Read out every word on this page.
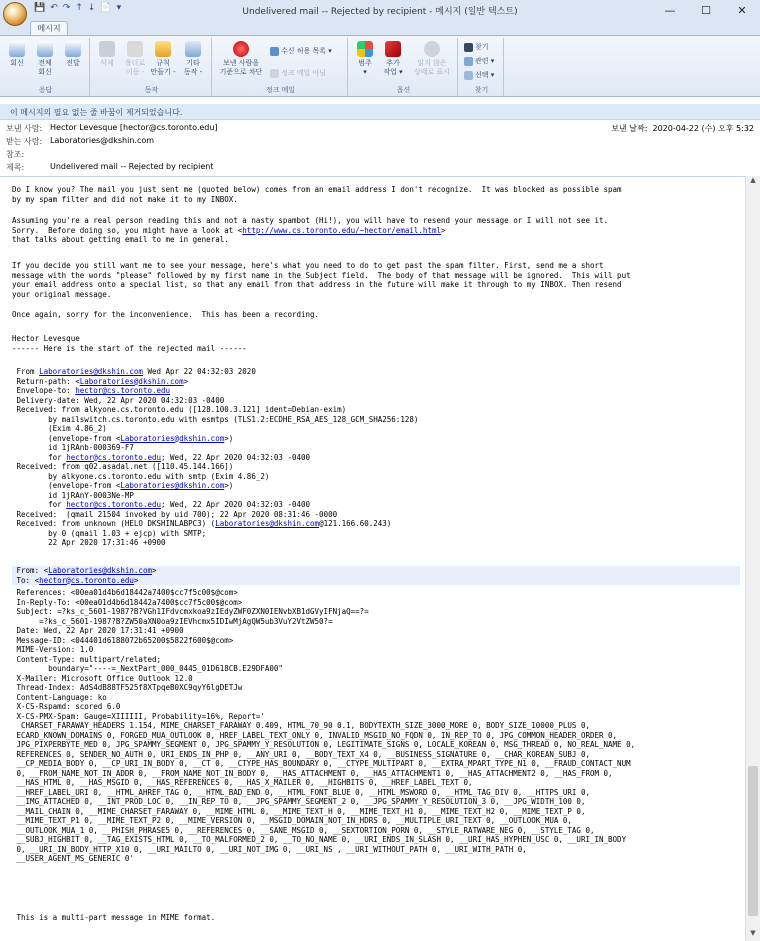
💾 ↶ ↷ ↑ ↓ 📄 ▾	Undelivered mail -- Rejected by recipient - 메시지 (일반 텍스트)	—	☐	✕
메시지
회신 전체
회신
전달
응답
삭제 폴더로
이동 -
규칙
만들기 -
기타
동작 -
동작
보낸 사람을
기준으로 차단
수신 허용 목록 ▾
정크 메일 아님
정크 메일
범주
▾
추가
작업 ▾
읽지 않은
상태로 표시
옵션
찾기
관련 ▾
선택 ▾
찾기
이 메시지의 필요 없는 줄 바꿈이 제거되었습니다.
보낸 사람: Hector Levesque [hector@cs.toronto.edu]
받는 사람: Laboratories@dkshin.com
참조:
제목:	Undelivered mail -- Rejected by recipient
보낸 날짜: 2020-04-22 (수) 오후 5:32
Do I know you? The mail you just sent me (quoted below) comes from an email address I don't recognize.  It was blocked as possible spam
by my spam filter and did not make it to my INBOX.
Assuming you're a real person reading this and not a nasty spambot (Hi!), you will have to resend your message or I will not see it.
Sorry.  Before doing so, you might have a look at <http://www.cs.toronto.edu/~hector/email.html>
that talks about getting email to me in general.
If you decide you still want me to see your message, here's what you need to do to get past the spam filter. First, send me a short
message with the words "please" followed by my first name in the Subject field.  The body of that message will be ignored.  This will put
your email address onto a special list, so that any email from that address in the future will make it through to my INBOX. Then resend
your original message.
Once again, sorry for the inconvenience.  This has been a recording.
Hector Levesque
------ Here is the start of the rejected mail ------
From Laboratories@dkshin.com Wed Apr 22 04:32:03 2020
Return-path: <Laboratories@dkshin.com>
Envelope-to: hector@cs.toronto.edu
Delivery-date: Wed, 22 Apr 2020 04:32:03 -0400
Received: from alkyone.cs.toronto.edu ([128.100.3.121] ident=Debian-exim)
by mailswitch.cs.toronto.edu with esmtps (TLS1.2:ECDHE_RSA_AES_128_GCM_SHA256:128)
(Exim 4.86_2)
(envelope-from <Laboratories@dkshin.com>)
id 1jRAnb-000369-F7
for hector@cs.toronto.edu; Wed, 22 Apr 2020 04:32:03 -0400
Received: from q02.asadal.net ([110.45.144.166])
by alkyone.cs.toronto.edu with smtp (Exim 4.86_2)
(envelope-from <Laboratories@dkshin.com>)
id 1jRAnY-0003Ne-MP
for hector@cs.toronto.edu; Wed, 22 Apr 2020 04:32:03 -0400
Received:  (qmail 21504 invoked by uid 700); 22 Apr 2020 08:31:46 -0000
Received: from unknown (HELO DKSHINLABPC3) (Laboratories@dkshin.com@121.166.60.243)
by 0 (qmail 1.03 + ejcp) with SMTP;
22 Apr 2020 17:31:46 +0900

From: <Laboratories@dkshin.com>
To: <hector@cs.toronto.edu>
References: <00ea01d4b6d18442a7400$cc7f5c00$@com>
In-Reply-To: <00ea01d4b6d18442a7400$cc7f5c00$@com>
Subject: =?ks_c_5601-1987?B?VGh1IFdvcmxkoa9zIEdyZWF0ZXN0IENvbXB1dGVyIFNjaQ==?=
=?ks_c_5601-1987?B?ZW50aXN0oa9zIEVhcmx5IDIwMjAgQW5ub3VuY2VtZW50?=
Date: Wed, 22 Apr 2020 17:31:41 +0900
Message-ID: <044401d6188072b65200$5822f600$@com>
MIME-Version: 1.0
Content-Type: multipart/related;
boundary="----=_NextPart_000_0445_01D618CB.E29DFA00"
X-Mailer: Microsoft Office Outlook 12.0
Thread-Index: AdS4dB88TF525f8XTpqeB0XC9qyY6lgDETJw
Content-Language: ko
X-CS-Rspamd: scored 6.0
X-CS-PMX-Spam: Gauge=XIIIIII, Probability=16%, Report='
CHARSET_FARAWAY_HEADERS 1.154, MIME_CHARSET_FARAWAY 0.409, HTML_70_90 0.1, BODYTEXTH_SIZE_3000_MORE 0, BODY_SIZE_10000_PLUS 0,
ECARD_KNOWN_DOMAINS 0, FORGED_MUA_OUTLOOK 0, HREF_LABEL_TEXT_ONLY 0, INVALID_MSGID_NO_FQDN 0, IN_REP_TO 0, JPG_COMMON_HEADER_ORDER 0,
JPG_PIXPERBYTE_MED 0, JPG_SPAMMY_SEGMENT 0, JPG_SPAMMY_Y_RESOLUTION 0, LEGITIMATE_SIGNS 0, LOCALE_KOREAN 0, MSG_THREAD 0, NO_REAL_NAME 0,
REFERENCES 0, SENDER_NO_AUTH 0, URI_ENDS_IN_PHP 0, __ANY_URI 0, __BODY_TEXT_X4 0, __BUSINESS_SIGNATURE 0, __CHAR_KOREAN_SUBJ 0,
__CP_MEDIA_BODY 0, __CP_URI_IN_BODY 0, __CT 0, __CTYPE_HAS_BOUNDARY 0, __CTYPE_MULTIPART 0, __EXTRA_MPART_TYPE_N1 0, __FRAUD_CONTACT_NUM
0, __FROM_NAME_NOT_IN_ADDR 0, __FROM_NAME_NOT_IN_BODY 0, __HAS_ATTACHMENT 0, __HAS_ATTACHMENT1 0, __HAS_ATTACHMENT2 0, __HAS_FROM 0,
__HAS_HTML 0, __HAS_MSGID 0, __HAS_REFERENCES 0, __HAS_X_MAILER 0, __HIGHBITS 0, __HREF_LABEL_TEXT 0,
__HREF_LABEL_URI 0, __HTML_AHREF_TAG 0, __HTML_BAD_END 0, __HTML_FONT_BLUE 0, __HTML_MSWORD 0, __HTML_TAG_DIV 0, __HTTPS_URI 0,
__IMG_ATTACHED 0, __INT_PROD_LOC 0, __IN_REP_TO 0, __JPG_SPAMMY_SEGMENT_2 0, __JPG_SPAMMY_Y_RESOLUTION_3 0, __JPG_WIDTH_100 0,
__MAIL_CHAIN 0, __MIME_CHARSET_FARAWAY 0, __MIME_HTML 0, __MIME_TEXT_H 0, __MIME_TEXT_H1 0, __MIME_TEXT_H2 0, __MIME_TEXT_P 0,
__MIME_TEXT_P1 0, __MIME_TEXT_P2 0, __MIME_VERSION 0, __MSGID_DOMAIN_NOT_IN_HDRS 0, __MULTIPLE_URI_TEXT 0, __OUTLOOK_MUA 0,
__OUTLOOK_MUA_1 0, __PHISH_PHRASE5 0, __REFERENCES 0, __SANE_MSGID 0, __SEXTORTION_PORN 0, __STYLE_RATWARE_NEG 0, __STYLE_TAG 0,
__SUBJ_HIGHBIT 0, __TAG_EXISTS_HTML 0, __TO_MALFORMED_2 0, __TO_NO_NAME 0, __URI_ENDS_IN_SLASH 0, __URI_HAS_HYPHEN_USC 0, __URI_IN_BODY
0, __URI_IN_BODY_HTTP_X10 0, __URI_MAILTO 0, __URI_NOT_IMG 0, __URI_NS , __URI_WITHOUT_PATH 0, __URI_WITH_PATH 0,
__USER_AGENT_MS_GENERIC 0'
This is a multi-part message in MIME format.
▲
▼
